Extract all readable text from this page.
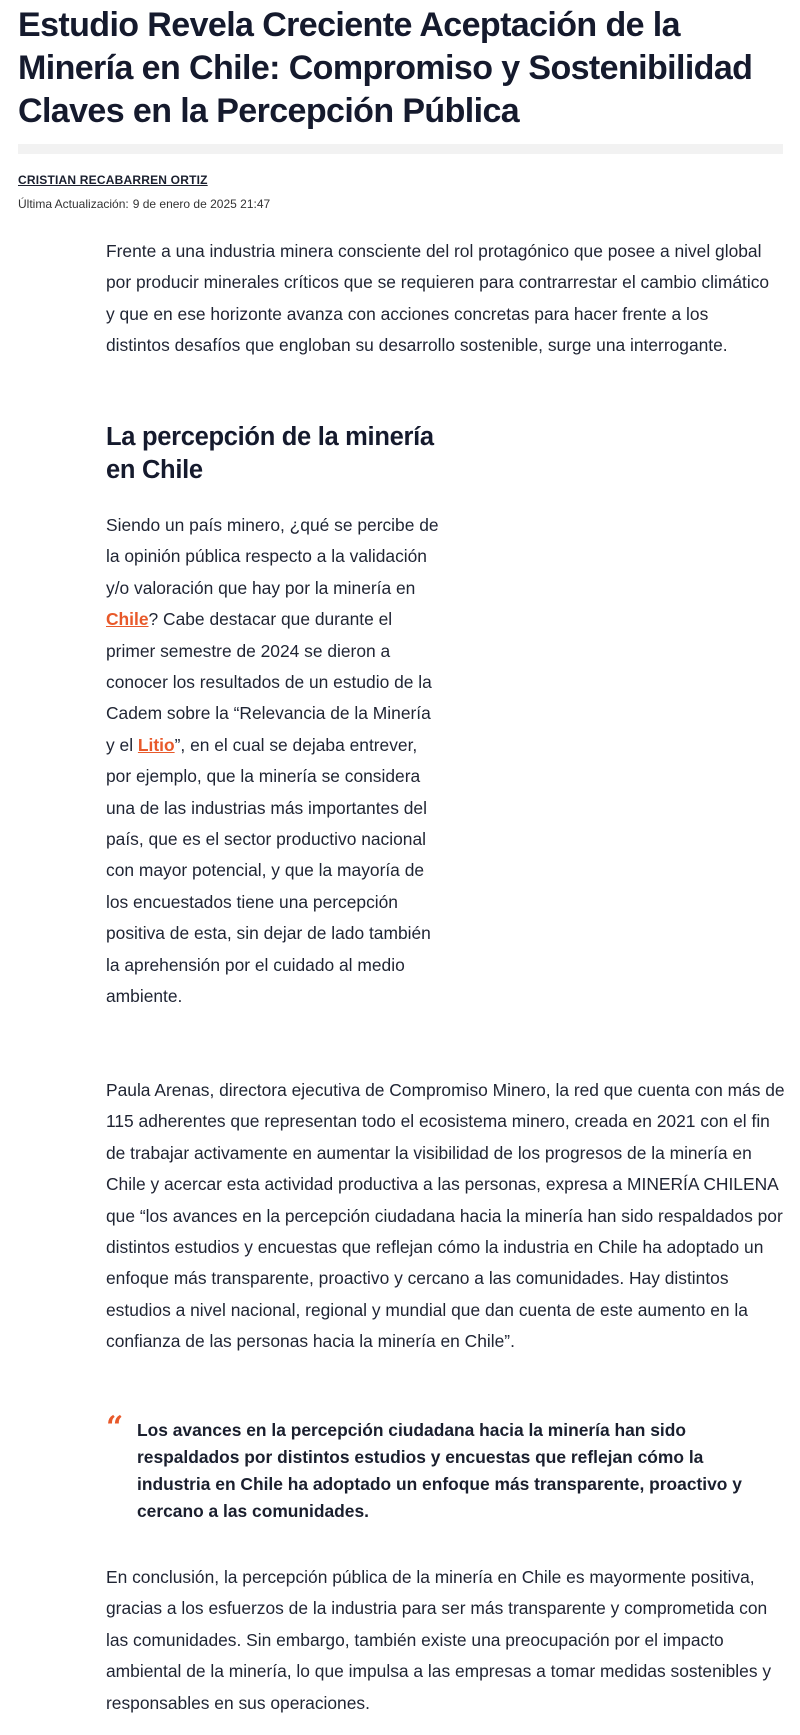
Estudio Revela Creciente Aceptación de la Minería en Chile: Compromiso y Sostenibilidad Claves en la Percepción Pública
CRISTIAN RECABARREN ORTIZ
Última Actualización: 9 de enero de 2025 21:47

Frente a una industria minera consciente del rol protagónico que posee a nivel global por producir minerales críticos que se requieren para contrarrestar el cambio climático y que en ese horizonte avanza con acciones concretas para hacer frente a los distintos desafíos que engloban su desarrollo sostenible, surge una interrogante.

La percepción de la minería en Chile

Siendo un país minero, ¿qué se percibe de la opinión pública respecto a la validación y/o valoración que hay por la minería en Chile? Cabe destacar que durante el primer semestre de 2024 se dieron a conocer los resultados de un estudio de la Cadem sobre la “Relevancia de la Minería y el Litio”, en el cual se dejaba entrever, por ejemplo, que la minería se considera una de las industrias más importantes del país, que es el sector productivo nacional con mayor potencial, y que la mayoría de los encuestados tiene una percepción positiva de esta, sin dejar de lado también la aprehensión por el cuidado al medio ambiente.

Paula Arenas, directora ejecutiva de Compromiso Minero, la red que cuenta con más de 115 adherentes que representan todo el ecosistema minero, creada en 2021 con el fin de trabajar activamente en aumentar la visibilidad de los progresos de la minería en Chile y acercar esta actividad productiva a las personas, expresa a MINERÍA CHILENA que “los avances en la percepción ciudadana hacia la minería han sido respaldados por distintos estudios y encuestas que reflejan cómo la industria en Chile ha adoptado un enfoque más transparente, proactivo y cercano a las comunidades. Hay distintos estudios a nivel nacional, regional y mundial que dan cuenta de este aumento en la confianza de las personas hacia la minería en Chile”.

“ Los avances en la percepción ciudadana hacia la minería han sido respaldados por distintos estudios y encuestas que reflejan cómo la industria en Chile ha adoptado un enfoque más transparente, proactivo y cercano a las comunidades.

En conclusión, la percepción pública de la minería en Chile es mayormente positiva, gracias a los esfuerzos de la industria para ser más transparente y comprometida con las comunidades. Sin embargo, también existe una preocupación por el impacto ambiental de la minería, lo que impulsa a las empresas a tomar medidas sostenibles y responsables en sus operaciones.
